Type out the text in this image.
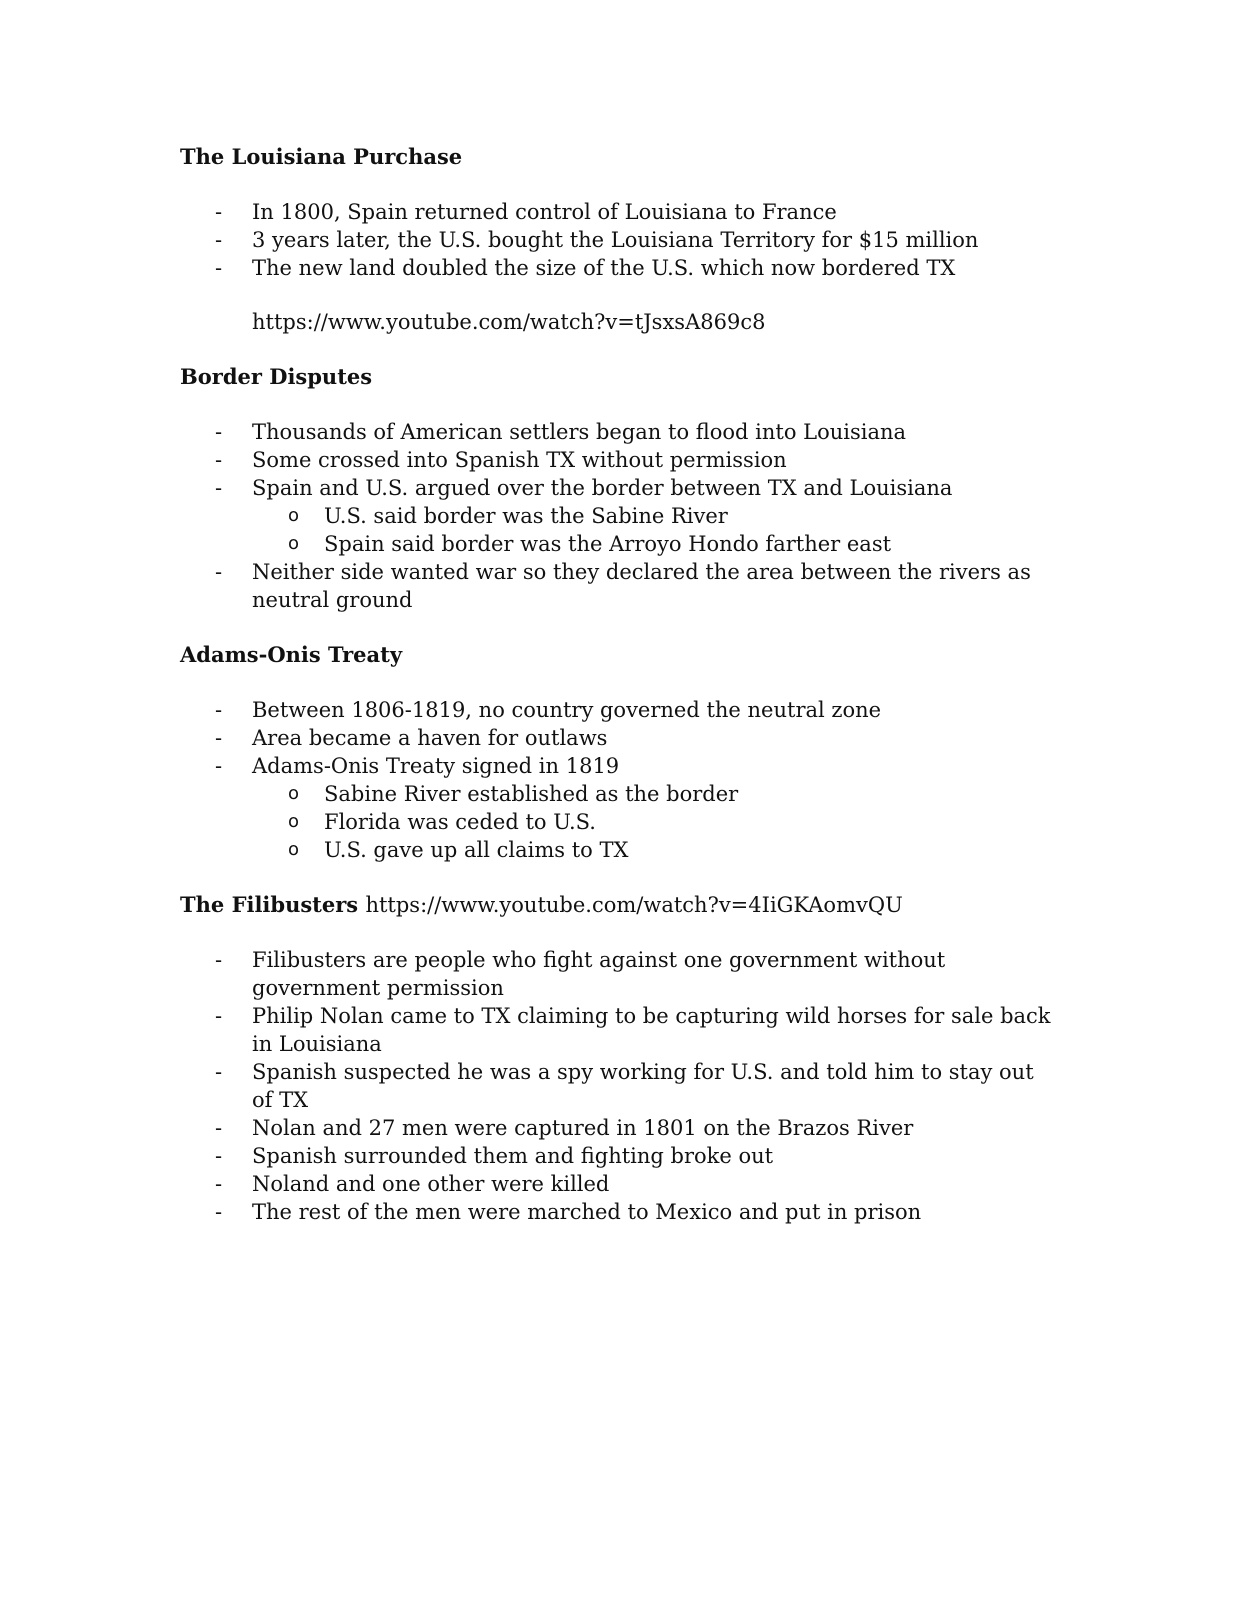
The Louisiana Purchase

- In 1800, Spain returned control of Louisiana to France
- 3 years later, the U.S. bought the Louisiana Territory for $15 million
- The new land doubled the size of the U.S. which now bordered TX
https://www.youtube.com/watch?v=tJsxsA869c8

Border Disputes

- Thousands of American settlers began to flood into Louisiana
- Some crossed into Spanish TX without permission
- Spain and U.S. argued over the border between TX and Louisiana
o U.S. said border was the Sabine River
o Spain said border was the Arroyo Hondo farther east
- Neither side wanted war so they declared the area between the rivers as neutral ground

Adams-Onis Treaty

- Between 1806-1819, no country governed the neutral zone
- Area became a haven for outlaws
- Adams-Onis Treaty signed in 1819
o Sabine River established as the border
o Florida was ceded to U.S.
o U.S. gave up all claims to TX

The Filibusters https://www.youtube.com/watch?v=4IiGKAomvQU

- Filibusters are people who fight against one government without government permission
- Philip Nolan came to TX claiming to be capturing wild horses for sale back in Louisiana
- Spanish suspected he was a spy working for U.S. and told him to stay out of TX
- Nolan and 27 men were captured in 1801 on the Brazos River
- Spanish surrounded them and fighting broke out
- Noland and one other were killed
- The rest of the men were marched to Mexico and put in prison
